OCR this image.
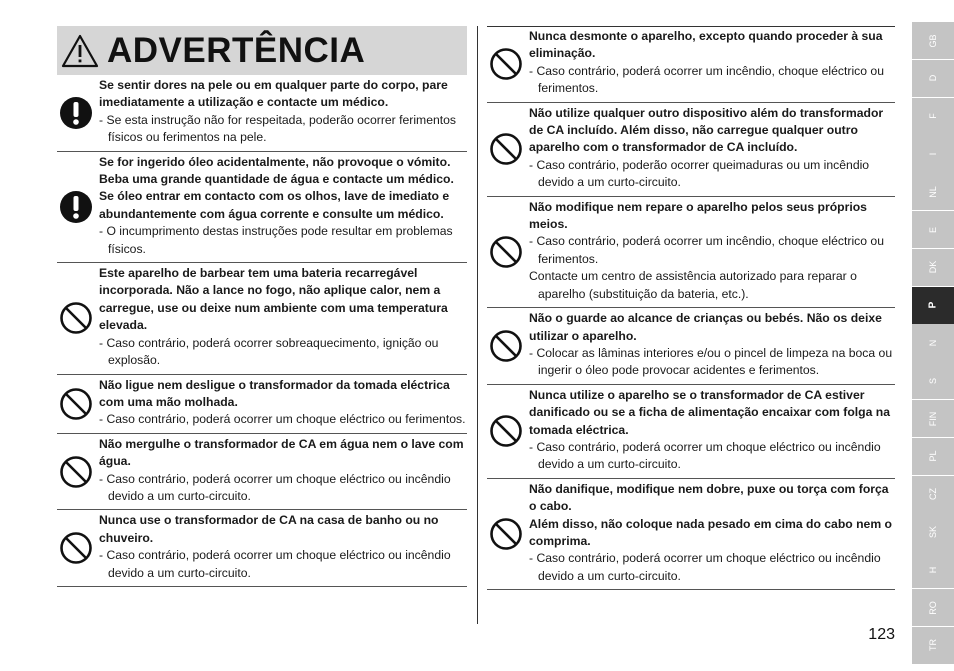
ADVERTÊNCIA

Se sentir dores na pele ou em qualquer parte do corpo, pare imediatamente a utilização e contacte um médico.

- Se esta instrução não for respeitada, poderão ocorrer ferimentos físicos ou ferimentos na pele.

Se for ingerido óleo acidentalmente, não provoque o vómito. Beba uma grande quantidade de água e contacte um médico.

Se óleo entrar em contacto com os olhos, lave de imediato e abundantemente com água corrente e consulte um médico.

- O incumprimento destas instruções pode resultar em problemas físicos.

Este aparelho de barbear tem uma bateria recarregável incorporada. Não a lance no fogo, não aplique calor, nem a carregue, use ou deixe num ambiente com uma temperatura elevada.

- Caso contrário, poderá ocorrer sobreaquecimento, ignição ou explosão.

Não ligue nem desligue o transformador da tomada eléctrica com uma mão molhada.

- Caso contrário, poderá ocorrer um choque eléctrico ou ferimentos.

Não mergulhe o transformador de CA em água nem o lave com água.

- Caso contrário, poderá ocorrer um choque eléctrico ou incêndio devido a um curto-circuito.

Nunca use o transformador de CA na casa de banho ou no chuveiro.

- Caso contrário, poderá ocorrer um choque eléctrico ou incêndio devido a um curto-circuito.

Nunca desmonte o aparelho, excepto quando proceder à sua eliminação.

- Caso contrário, poderá ocorrer um incêndio, choque eléctrico ou ferimentos.

Não utilize qualquer outro dispositivo além do transformador de CA incluído. Além disso, não carregue qualquer outro aparelho com o transformador de CA incluído.

- Caso contrário, poderão ocorrer queimaduras ou um incêndio devido a um curto-circuito.

Não modifique nem repare o aparelho pelos seus próprios meios.

- Caso contrário, poderá ocorrer um incêndio, choque eléctrico ou ferimentos.

Contacte um centro de assistência autorizado para reparar o aparelho (substituição da bateria, etc.).

Não o guarde ao alcance de crianças ou bebés. Não os deixe utilizar o aparelho.

- Colocar as lâminas interiores e/ou o pincel de limpeza na boca ou ingerir o óleo pode provocar acidentes e ferimentos.

Nunca utilize o aparelho se o transformador de CA estiver danificado ou se a ficha de alimentação encaixar com folga na tomada eléctrica.

- Caso contrário, poderá ocorrer um choque eléctrico ou incêndio devido a um curto-circuito.

Não danifique, modifique nem dobre, puxe ou torça com força o cabo.

Além disso, não coloque nada pesado em cima do cabo nem o comprima.

- Caso contrário, poderá ocorrer um choque eléctrico ou incêndio devido a um curto-circuito.

GB
D
F
I
NL
E
DK
P
N
S
FIN
PL
CZ
SK
H
RO
TR
123
